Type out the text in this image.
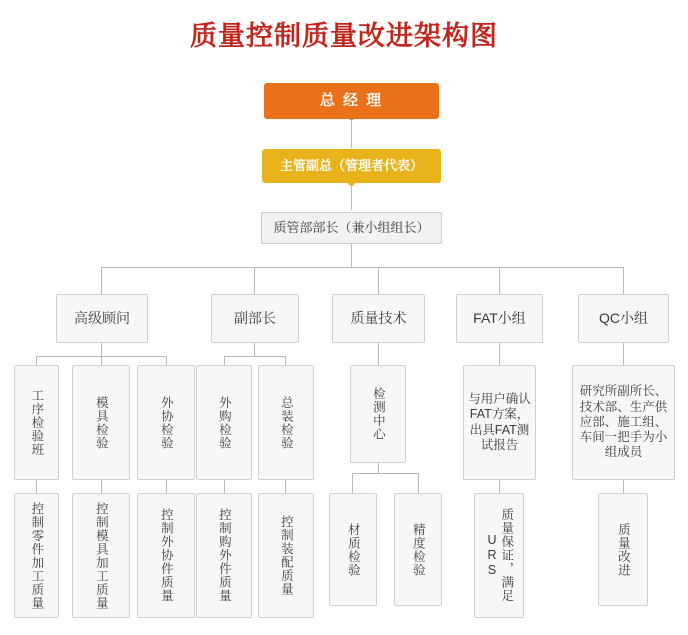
质量控制质量改进架构图
总 经 理
主管副总（管理者代表）
质管部部长（兼小组组长）
高级顾问	副部长	质量技术	FAT小组	QC小组
工序检验班	模具检验	外协检验	外购检验	总装检验	检测中心	与用户确认FAT方案，出具FAT测试报告
研究所副所长、技术部、生产供应部、施工组、车间一把手为小组成员
控制零件加工质量	控制模具加工质量	控制外协件质量	控制购外件质量	控制装配质量	材质检验	精度检验	质量保证，满足URS	质量改进
